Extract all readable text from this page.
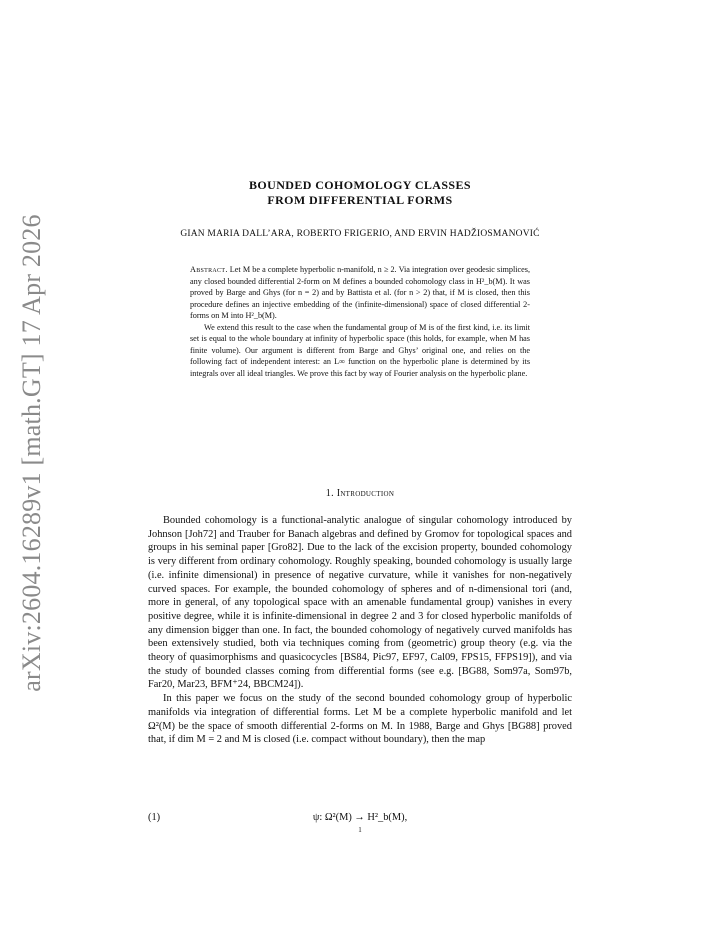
arXiv:2604.16289v1 [math.GT] 17 Apr 2026
BOUNDED COHOMOLOGY CLASSES
FROM DIFFERENTIAL FORMS
GIAN MARIA DALL’ARA, ROBERTO FRIGERIO, AND ERVIN HADŽIOSMANOVIĆ

Abstract. Let M be a complete hyperbolic n-manifold, n ≥ 2. Via integration over geodesic simplices, any closed bounded differential 2-form on M defines a bounded cohomology class in H²_b(M). It was proved by Barge and Ghys (for n = 2) and by Battista et al. (for n > 2) that, if M is closed, then this procedure defines an injective embedding of the (infinite-dimensional) space of closed differential 2-forms on M into H²_b(M).

We extend this result to the case when the fundamental group of M is of the first kind, i.e. its limit set is equal to the whole boundary at infinity of hyperbolic space (this holds, for example, when M has finite volume). Our argument is different from Barge and Ghys’ original one, and relies on the following fact of independent interest: an L∞ function on the hyperbolic plane is determined by its integrals over all ideal triangles. We prove this fact by way of Fourier analysis on the hyperbolic plane.

1. Introduction

Bounded cohomology is a functional-analytic analogue of singular cohomology introduced by Johnson [Joh72] and Trauber for Banach algebras and defined by Gromov for topological spaces and groups in his seminal paper [Gro82]. Due to the lack of the excision property, bounded cohomology is very different from ordinary cohomology. Roughly speaking, bounded cohomology is usually large (i.e. infinite dimensional) in presence of negative curvature, while it vanishes for non-negatively curved spaces. For example, the bounded cohomology of spheres and of n-dimensional tori (and, more in general, of any topological space with an amenable fundamental group) vanishes in every positive degree, while it is infinite-dimensional in degree 2 and 3 for closed hyperbolic manifolds of any dimension bigger than one. In fact, the bounded cohomology of negatively curved manifolds has been extensively studied, both via techniques coming from (geometric) group theory (e.g. via the theory of quasimorphisms and quasicocycles [BS84, Pic97, EF97, Cal09, FPS15, FFPS19]), and via the study of bounded classes coming from differential forms (see e.g. [BG88, Som97a, Som97b, Far20, Mar23, BFM⁺24, BBCM24]).

In this paper we focus on the study of the second bounded cohomology group of hyperbolic manifolds via integration of differential forms. Let M be a complete hyperbolic manifold and let Ω²(M) be the space of smooth differential 2-forms on M. In 1988, Barge and Ghys [BG88] proved that, if dim M = 2 and M is closed (i.e. compact without boundary), then the map

(1)	ψ: Ω²(M) → H²_b(M),
1
